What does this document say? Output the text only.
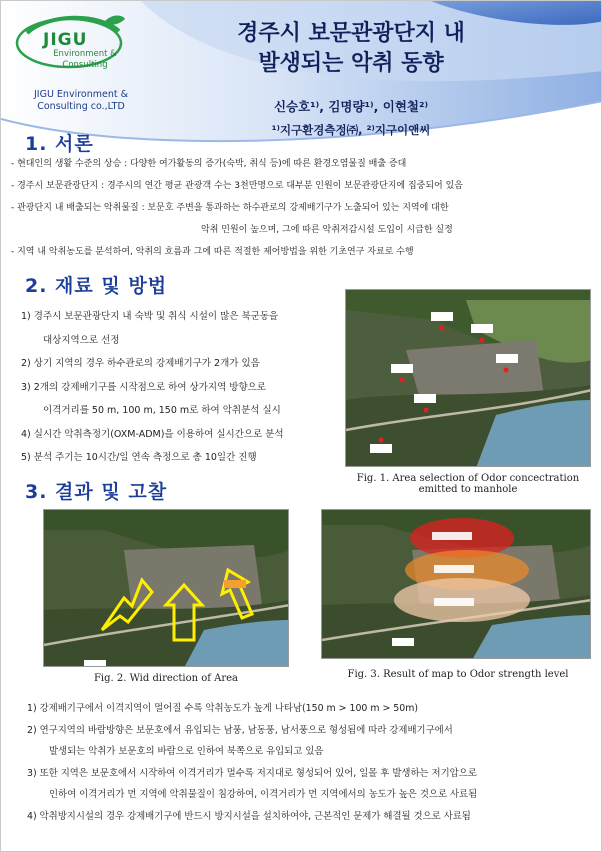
JIGU
Environment & Consulting
JIGU Environment & Consulting co.,LTD
경주시 보문관광단지 내
발생되는 악취 동향
신승호¹⁾, 김명량¹⁾, 이현철²⁾
¹⁾지구환경측정㈜, ²⁾지구이앤씨
1. 서론
- 현대인의 생활 수준의 상승 : 다양한 여가활동의 증가(숙박, 취식 등)에 따른 환경오염물질 배출 증대
- 경주시 보문관광단지 : 경주시의 연간 평균 관광객 수는 3천만명으로 대부분 인원이 보문관광단지에 집중되어 있음
- 관광단지 내 배출되는 악취물질 : 보문호 주변을 통과하는 하수관로의 강제배기구가 노출되어 있는 지역에 대한
악취 민원이 높으며, 그에 따른 악취저감시설 도입이 시급한 실정
- 지역 내 악취농도를 분석하여, 악취의 흐름과 그에 따른 적절한 제어방법을 위한 기초연구 자료로 수행
2. 재료 및 방법
1) 경주시 보문관광단지 내 숙박 및 취식 시설이 많은 북군동을
대상지역으로 선정
2) 상기 지역의 경우 하수관로의 강제배기구가 2개가 있음
3) 2개의 강제배기구를 시작점으로 하여 상가지역 방향으로
이격거리를 50 m, 100 m, 150 m로 하여 악취분석 실시
4) 실시간 악취측정기(OXM-ADM)을 이용하여 실시간으로 분석
5) 분석 주기는 10시간/일 연속 측정으로 총 10일간 진행
Fig. 1. Area selection of Odor concectration
emitted to manhole
3. 결과 및 고찰
Fig. 2. Wid direction of Area	Fig. 3. Result of map to Odor strength level
1) 강제배기구에서 이격지역이 멀어질 수록 악취농도가 높게 나타남(150 m > 100 m > 50m)
2) 연구지역의 바람방향은 보문호에서 유입되는 남풍, 남동풍, 남서풍으로 형성됨에 따라 강제배기구에서
발생되는 악취가 보문호의 바람으로 인하여 북쪽으로 유입되고 있음
3) 또한 지역은 보문호에서 시작하여 이격거리가 멀수록 저지대로 형성되어 있어, 일몰 후 발생하는 저기압으로
인하여 이격거리가 먼 지역에 악취물질이 침강하여, 이격거리가 먼 지역에서의 농도가 높은 것으로 사료됨
4) 악취방지시설의 경우 강제배기구에 반드시 방지시설을 설치하여야, 근본적인 문제가 해결될 것으로 사료됨
